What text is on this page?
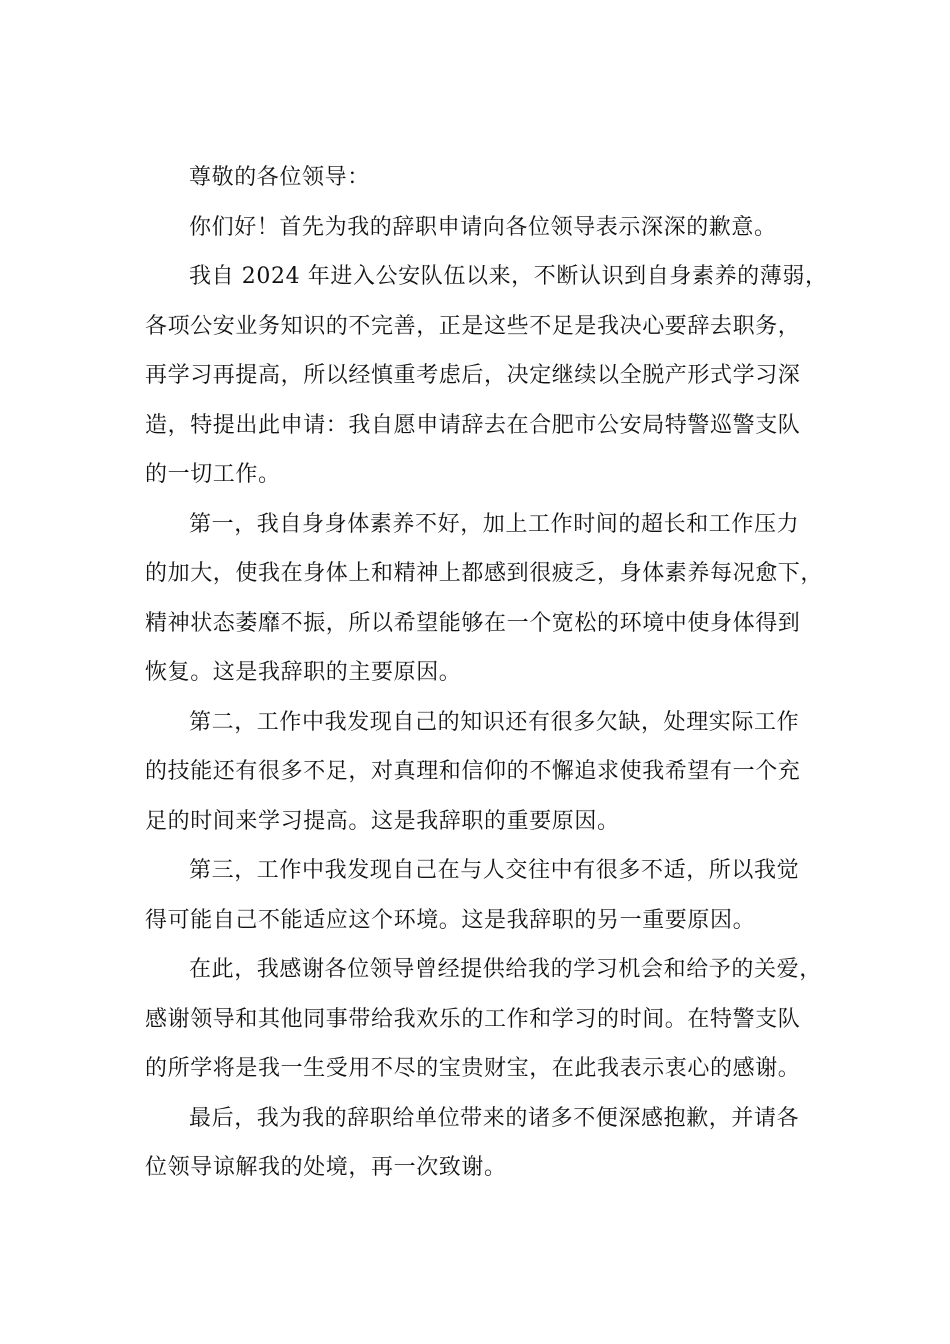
尊敬的各位领导：

你们好！首先为我的辞职申请向各位领导表示深深的歉意。

我自 2024 年进入公安队伍以来，不断认识到自身素养的薄弱，
各项公安业务知识的不完善，正是这些不足是我决心要辞去职务，
再学习再提高，所以经慎重考虑后，决定继续以全脱产形式学习深
造，特提出此申请：我自愿申请辞去在合肥市公安局特警巡警支队
的一切工作。

第一，我自身身体素养不好，加上工作时间的超长和工作压力
的加大，使我在身体上和精神上都感到很疲乏，身体素养每况愈下，
精神状态萎靡不振，所以希望能够在一个宽松的环境中使身体得到
恢复。这是我辞职的主要原因。

第二，工作中我发现自己的知识还有很多欠缺，处理实际工作
的技能还有很多不足，对真理和信仰的不懈追求使我希望有一个充
足的时间来学习提高。这是我辞职的重要原因。

第三，工作中我发现自己在与人交往中有很多不适，所以我觉
得可能自己不能适应这个环境。这是我辞职的另一重要原因。

在此，我感谢各位领导曾经提供给我的学习机会和给予的关爱，
感谢领导和其他同事带给我欢乐的工作和学习的时间。在特警支队
的所学将是我一生受用不尽的宝贵财宝，在此我表示衷心的感谢。

最后，我为我的辞职给单位带来的诸多不便深感抱歉，并请各
位领导谅解我的处境，再一次致谢。
